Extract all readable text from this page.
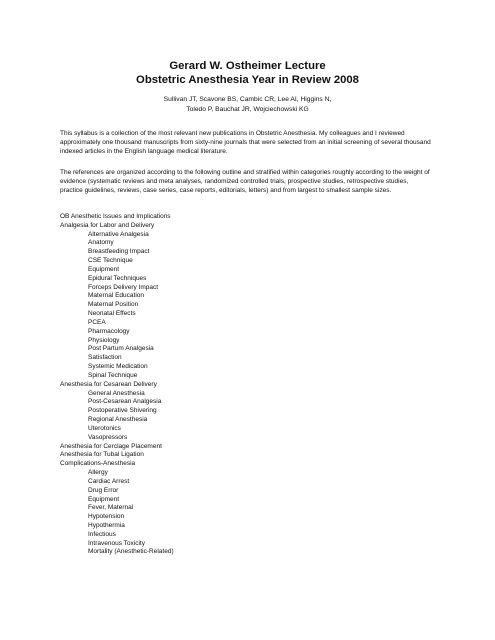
Gerard W. Ostheimer Lecture
Obstetric Anesthesia Year in Review 2008
Sullivan JT, Scavone BS, Cambic CR, Lee AI, Higgins N,
Toledo P, Bauchat JR, Wojciechowski KG
This syllabus is a collection of the most relevant new publications in Obstetric Anesthesia. My colleagues and I reviewed
approximately one thousand manuscripts from sixty-nine journals that were selected from an initial screening of several thousand
indexed articles in the English language medical literature.
The references are organized according to the following outline and stratified within categories roughly according to the weight of
evidence (systematic reviews and meta analyses, randomized controlled trials, prospective studies, retrospective studies,
practice guidelines, reviews, case series, case reports, editorials, letters) and from largest to smallest sample sizes.
OB Anesthetic Issues and Implications
Analgesia for Labor and Delivery
Alternative Analgesia
Anatomy
Breastfeeding Impact
CSE Technique
Equipment
Epidural Techniques
Forceps Delivery Impact
Maternal Education
Maternal Position
Neonatal Effects
PCEA
Pharmacology
Physiology
Post Partum Analgesia
Satisfaction
Systemic Medication
Spinal Technique
Anesthesia for Cesarean Delivery
General Anesthesia
Post-Cesarean Analgesia
Postoperative Shivering
Regional Anesthesia
Uterotonics
Vasopressors
Anesthesia for Cerclage Placement
Anesthesia for Tubal Ligation
Complications-Anesthesia
Allergy
Cardiac Arrest
Drug Error
Equipment
Fever, Maternal
Hypotension
Hypothermia
Infectious
Intravenous Toxicity
Mortality (Anesthetic-Related)
